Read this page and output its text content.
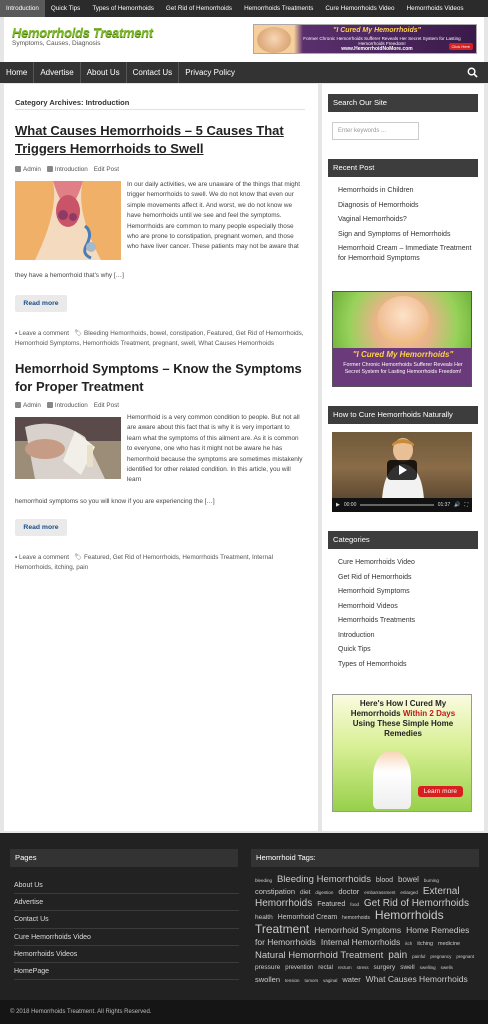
Introduction	Quick Tips	Types of Hemorrhoids	Get Rid of Hemorrhoids	Hemorrhoids Treatments	Cure Hemorrhoids Video	Hemorrhoids Videos
Hemorrhoids Treatment
Symptoms, Causes, Diagnosis
"I Cured My Hemorrhoids"
Former Chronic Hemorrhoids Sufferer Reveals Her Secret System for Lasting Hemorrhoids Freedom!
www.HemorrhoidNoMore.com	Click Here
Home	Advertise	About Us	Contact Us	Privacy Policy
Category Archives: Introduction
What Causes Hemorrhoids – 5 Causes That Triggers Hemorrhoids to Swell
Admin	Introduction Edit Post
In our daily activities, we are unaware of the things that might trigger hemorrhoids to swell. We do not know that even our simple movements affect it. And worst, we do not know we have hemorrhoids until we see and feel the symptoms. Hemorrhoids are common to many people especially those who are prone to constipation, pregnant women, and those who have liver cancer. These patients may not be aware that
they have a hemorrhoid that's why […]
Read more
▪ Leave a comment   🏷 Bleeding Hemorrhoids, bowel, constipation, Featured, Get Rid of Hemorrhoids, Hemorrhoid Symptoms, Hemorrhoids Treatment, pregnant, swell, What Causes Hemorrhoids
Hemorrhoid Symptoms – Know the Symptoms for Proper Treatment
Admin	Introduction Edit Post
Hemorrhoid is a very common condition to people. But not all are aware about this fact that is why it is very important to learn what the symptoms of this ailment are. As it is common to everyone, one who has it might not be aware he has hemorrhoid because the symptoms are sometimes mistakenly identified for other related condition. In this article, you will learn
hemorrhoid symptoms so you will know if you are experiencing the […]
Read more
▪ Leave a comment   🏷 Featured, Get Rid of Hemorrhoids, Hemorrhoids Treatment, Internal Hemorrhoids, itching, pain
Search Our Site
Enter keywords ...
Recent Post
Hemorrhoids in Children
Diagnosis of Hemorrhoids
Vaginal Hemorrhoids?
Sign and Symptoms of Hemorrhoids
Hemorrhoid Cream – Immediate Treatment for Hemorrhoid Symptoms
"I Cured My Hemorrhoids"
Former Chronic Hemorrhoids Sufferer Reveals Her Secret System for Lasting Hemorrhoids Freedom!
How to Cure Hemorrhoids Naturally
▶ 00:00	01:37 🔊 ⛶
Categories
Cure Hemorrhoids Video
Get Rid of Hemorrhoids
Hemorrhoid Symptoms
Hemorrhoid Videos
Hemorrhoids Treatments
Introduction
Quick Tips
Types of Hemorrhoids
Here's How I Cured My
Hemorrhoids Within 2 Days
Using These Simple Home
Remedies
Learn more
Pages
About Us
Advertise
Contact Us
Cure Hemorrhoids Video
Hemorrhoids Videos
HomePage
Hemorrhoid Tags:
bleeding Bleeding Hemorrhoids blood bowel burning constipation diet digestion doctor embarrassment enlarged External Hemorrhoids Featured food Get Rid of Hemorrhoids health Hemorrhoid Cream hemorrhoids Hemorrhoids Treatment Hemorrhoid Symptoms Home Remedies for Hemorrhoids Internal Hemorrhoids itch itching medicine Natural Hemorrhoid Treatment pain painful pregnancy pregnant pressure prevention rectal rectum stress surgery swell swelling swells swollen tension tumors vaginal water What Causes Hemorrhoids
© 2018 Hemorrhoids Treatment. All Rights Reserved.
